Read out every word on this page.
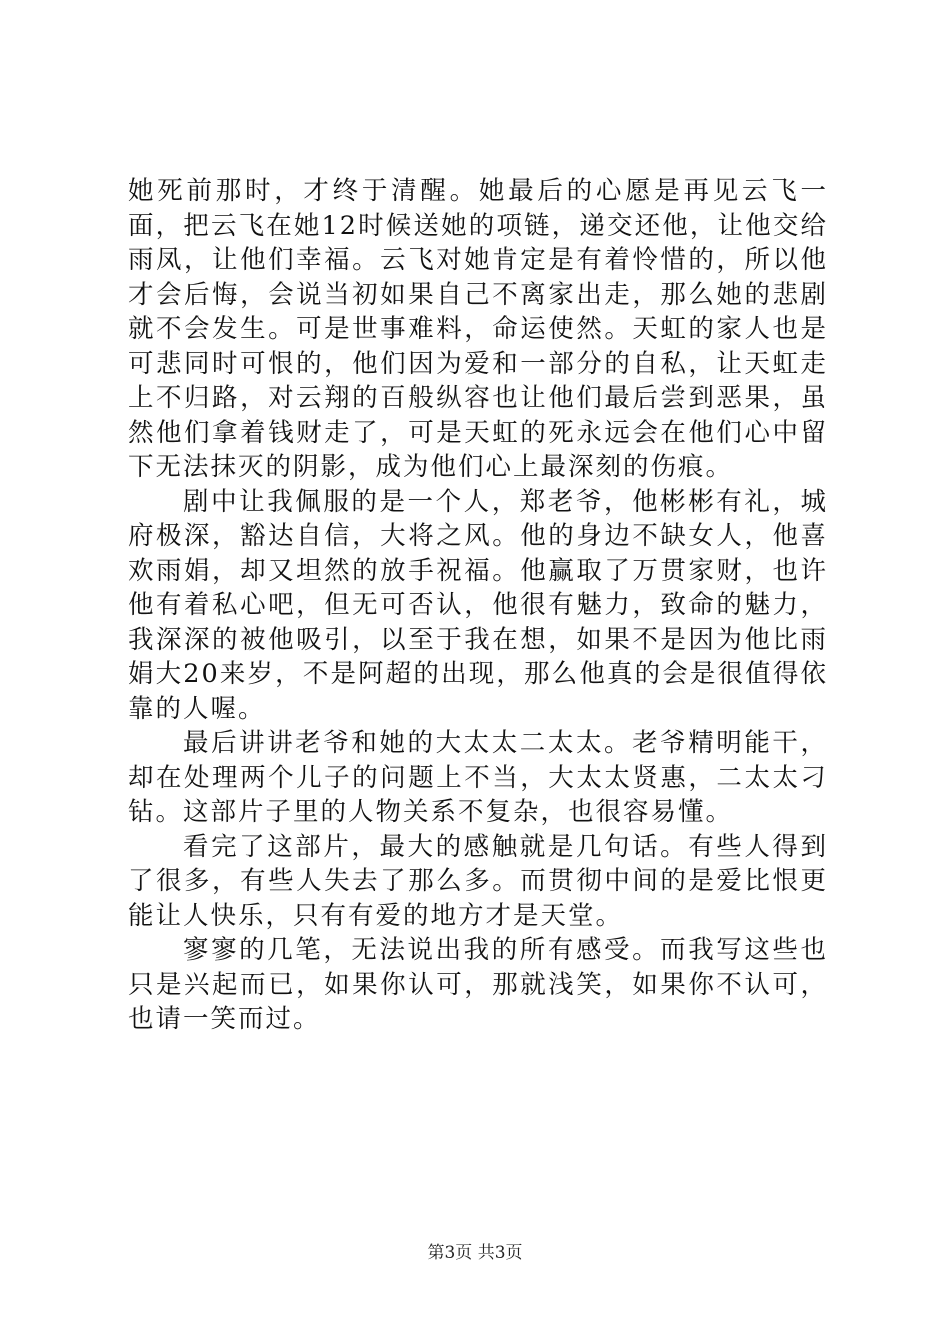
她死前那时，才终于清醒。她最后的心愿是再见云飞一面，把云飞在她12时候送她的项链，递交还他，让他交给雨凤，让他们幸福。云飞对她肯定是有着怜惜的，所以他才会后悔，会说当初如果自己不离家出走，那么她的悲剧就不会发生。可是世事难料，命运使然。天虹的家人也是可悲同时可恨的，他们因为爱和一部分的自私，让天虹走上不归路，对云翔的百般纵容也让他们最后尝到恶果，虽然他们拿着钱财走了，可是天虹的死永远会在他们心中留下无法抹灭的阴影，成为他们心上最深刻的伤痕。

剧中让我佩服的是一个人，郑老爷，他彬彬有礼，城府极深，豁达自信，大将之风。他的身边不缺女人，他喜欢雨娟，却又坦然的放手祝福。他赢取了万贯家财，也许他有着私心吧，但无可否认，他很有魅力，致命的魅力，我深深的被他吸引，以至于我在想，如果不是因为他比雨娟大20来岁，不是阿超的出现，那么他真的会是很值得依靠的人喔。

最后讲讲老爷和她的大太太二太太。老爷精明能干，却在处理两个儿子的问题上不当，大太太贤惠，二太太刁钻。这部片子里的人物关系不复杂，也很容易懂。

看完了这部片，最大的感触就是几句话。有些人得到了很多，有些人失去了那么多。而贯彻中间的是爱比恨更能让人快乐，只有有爱的地方才是天堂。

寥寥的几笔，无法说出我的所有感受。而我写这些也只是兴起而已，如果你认可，那就浅笑，如果你不认可，也请一笑而过。

第3页 共3页
